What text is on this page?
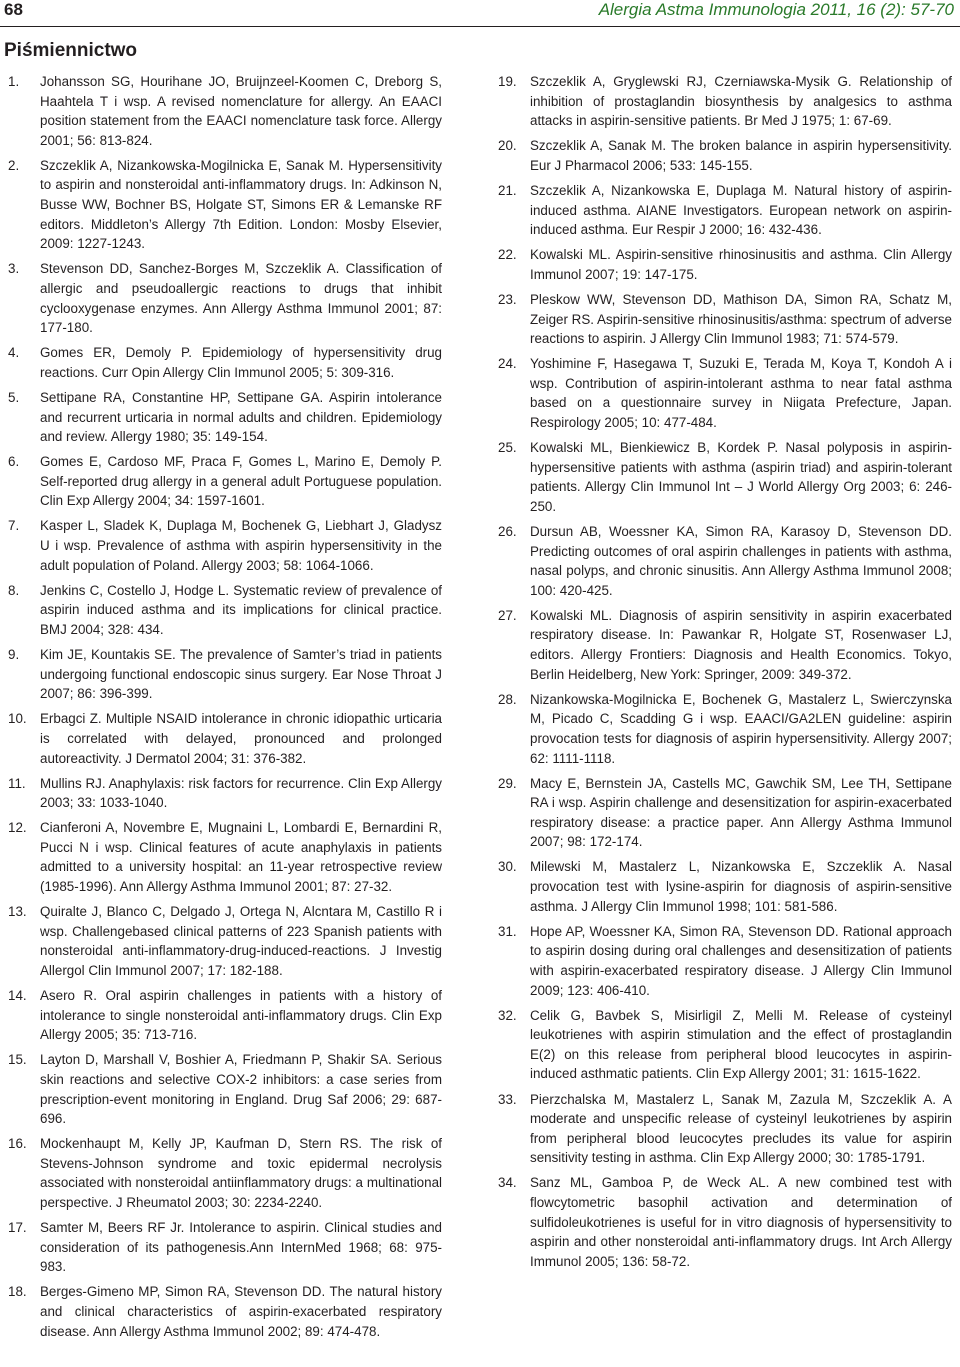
68	Alergia Astma Immunologia 2011, 16 (2): 57-70
Piśmiennictwo
1. Johansson SG, Hourihane JO, Bruijnzeel-Koomen C, Dreborg S, Haahtela T i wsp. A revised nomenclature for allergy. An EAACI position statement from the EAACI nomenclature task force. Allergy 2001; 56: 813-824.
2. Szczeklik A, Nizankowska-Mogilnicka E, Sanak M. Hypersensitivity to aspirin and nonsteroidal anti-inflammatory drugs. In: Adkinson N, Busse WW, Bochner BS, Holgate ST, Simons ER & Lemanske RF editors. Middleton’s Allergy 7th Edition. London: Mosby Elsevier, 2009: 1227-1243.
3. Stevenson DD, Sanchez-Borges M, Szczeklik A. Classification of allergic and pseudoallergic reactions to drugs that inhibit cyclooxygenase enzymes. Ann Allergy Asthma Immunol 2001; 87: 177-180.
4. Gomes ER, Demoly P. Epidemiology of hypersensitivity drug reactions. Curr Opin Allergy Clin Immunol 2005; 5: 309-316.
5. Settipane RA, Constantine HP, Settipane GA. Aspirin intolerance and recurrent urticaria in normal adults and children. Epidemiology and review. Allergy 1980; 35: 149-154.
6. Gomes E, Cardoso MF, Praca F, Gomes L, Marino E, Demoly P. Self-reported drug allergy in a general adult Portuguese population. Clin Exp Allergy 2004; 34: 1597-1601.
7. Kasper L, Sladek K, Duplaga M, Bochenek G, Liebhart J, Gladysz U i wsp. Prevalence of asthma with aspirin hypersensitivity in the adult population of Poland. Allergy 2003; 58: 1064-1066.
8. Jenkins C, Costello J, Hodge L. Systematic review of prevalence of aspirin induced asthma and its implications for clinical practice. BMJ 2004; 328: 434.
9. Kim JE, Kountakis SE. The prevalence of Samter’s triad in patients undergoing functional endoscopic sinus surgery. Ear Nose Throat J 2007; 86: 396-399.
10. Erbagci Z. Multiple NSAID intolerance in chronic idiopathic urticaria is correlated with delayed, pronounced and prolonged autoreactivity. J Dermatol 2004; 31: 376-382.
11. Mullins RJ. Anaphylaxis: risk factors for recurrence. Clin Exp Allergy 2003; 33: 1033-1040.
12. Cianferoni A, Novembre E, Mugnaini L, Lombardi E, Bernardini R, Pucci N i wsp. Clinical features of acute anaphylaxis in patients admitted to a university hospital: an 11-year retrospective review (1985-1996). Ann Allergy Asthma Immunol 2001; 87: 27-32.
13. Quiralte J, Blanco C, Delgado J, Ortega N, Alcntara M, Castillo R i wsp. Challengebased clinical patterns of 223 Spanish patients with nonsteroidal anti-inflammatory-drug-induced-reactions. J Investig Allergol Clin Immunol 2007; 17: 182-188.
14. Asero R. Oral aspirin challenges in patients with a history of intolerance to single nonsteroidal anti-inflammatory drugs. Clin Exp Allergy 2005; 35: 713-716.
15. Layton D, Marshall V, Boshier A, Friedmann P, Shakir SA. Serious skin reactions and selective COX-2 inhibitors: a case series from prescription-event monitoring in England. Drug Saf 2006; 29: 687-696.
16. Mockenhaupt M, Kelly JP, Kaufman D, Stern RS. The risk of Stevens-Johnson syndrome and toxic epidermal necrolysis associated with nonsteroidal antiinflammatory drugs: a multinational perspective. J Rheumatol 2003; 30: 2234-2240.
17. Samter M, Beers RF Jr. Intolerance to aspirin. Clinical studies and consideration of its pathogenesis.Ann InternMed 1968; 68: 975-983.
18. Berges-Gimeno MP, Simon RA, Stevenson DD. The natural history and clinical characteristics of aspirin-exacerbated respiratory disease. Ann Allergy Asthma Immunol 2002; 89: 474-478.
19. Szczeklik A, Gryglewski RJ, Czerniawska-Mysik G. Relationship of inhibition of prostaglandin biosynthesis by analgesics to asthma attacks in aspirin-sensitive patients. Br Med J 1975; 1: 67-69.
20. Szczeklik A, Sanak M. The broken balance in aspirin hypersensitivity. Eur J Pharmacol 2006; 533: 145-155.
21. Szczeklik A, Nizankowska E, Duplaga M. Natural history of aspirin-induced asthma. AIANE Investigators. European network on aspirin-induced asthma. Eur Respir J 2000; 16: 432-436.
22. Kowalski ML. Aspirin-sensitive rhinosinusitis and asthma. Clin Allergy Immunol 2007; 19: 147-175.
23. Pleskow WW, Stevenson DD, Mathison DA, Simon RA, Schatz M, Zeiger RS. Aspirin-sensitive rhinosinusitis/asthma: spectrum of adverse reactions to aspirin. J Allergy Clin Immunol 1983; 71: 574-579.
24. Yoshimine F, Hasegawa T, Suzuki E, Terada M, Koya T, Kondoh A i wsp. Contribution of aspirin-intolerant asthma to near fatal asthma based on a questionnaire survey in Niigata Prefecture, Japan. Respirology 2005; 10: 477-484.
25. Kowalski ML, Bienkiewicz B, Kordek P. Nasal polyposis in aspirin-hypersensitive patients with asthma (aspirin triad) and aspirin-tolerant patients. Allergy Clin Immunol Int – J World Allergy Org 2003; 6: 246-250.
26. Dursun AB, Woessner KA, Simon RA, Karasoy D, Stevenson DD. Predicting outcomes of oral aspirin challenges in patients with asthma, nasal polyps, and chronic sinusitis. Ann Allergy Asthma Immunol 2008; 100: 420-425.
27. Kowalski ML. Diagnosis of aspirin sensitivity in aspirin exacerbated respiratory disease. In: Pawankar R, Holgate ST, Rosenwaser LJ, editors. Allergy Frontiers: Diagnosis and Health Economics. Tokyo, Berlin Heidelberg, New York: Springer, 2009: 349-372.
28. Nizankowska-Mogilnicka E, Bochenek G, Mastalerz L, Swierczynska M, Picado C, Scadding G i wsp. EAACI/GA2LEN guideline: aspirin provocation tests for diagnosis of aspirin hypersensitivity. Allergy 2007; 62: 1111-1118.
29. Macy E, Bernstein JA, Castells MC, Gawchik SM, Lee TH, Settipane RA i wsp. Aspirin challenge and desensitization for aspirin-exacerbated respiratory disease: a practice paper. Ann Allergy Asthma Immunol 2007; 98: 172-174.
30. Milewski M, Mastalerz L, Nizankowska E, Szczeklik A. Nasal provocation test with lysine-aspirin for diagnosis of aspirin-sensitive asthma. J Allergy Clin Immunol 1998; 101: 581-586.
31. Hope AP, Woessner KA, Simon RA, Stevenson DD. Rational approach to aspirin dosing during oral challenges and desensitization of patients with aspirin-exacerbated respiratory disease. J Allergy Clin Immunol 2009; 123: 406-410.
32. Celik G, Bavbek S, Misirligil Z, Melli M. Release of cysteinyl leukotrienes with aspirin stimulation and the effect of prostaglandin E(2) on this release from peripheral blood leucocytes in aspirin-induced asthmatic patients. Clin Exp Allergy 2001; 31: 1615-1622.
33. Pierzchalska M, Mastalerz L, Sanak M, Zazula M, Szczeklik A. A moderate and unspecific release of cysteinyl leukotrienes by aspirin from peripheral blood leucocytes precludes its value for aspirin sensitivity testing in asthma. Clin Exp Allergy 2000; 30: 1785-1791.
34. Sanz ML, Gamboa P, de Weck AL. A new combined test with flowcytometric basophil activation and determination of sulfidoleukotrienes is useful for in vitro diagnosis of hypersensitivity to aspirin and other nonsteroidal anti-inflammatory drugs. Int Arch Allergy Immunol 2005; 136: 58-72.
